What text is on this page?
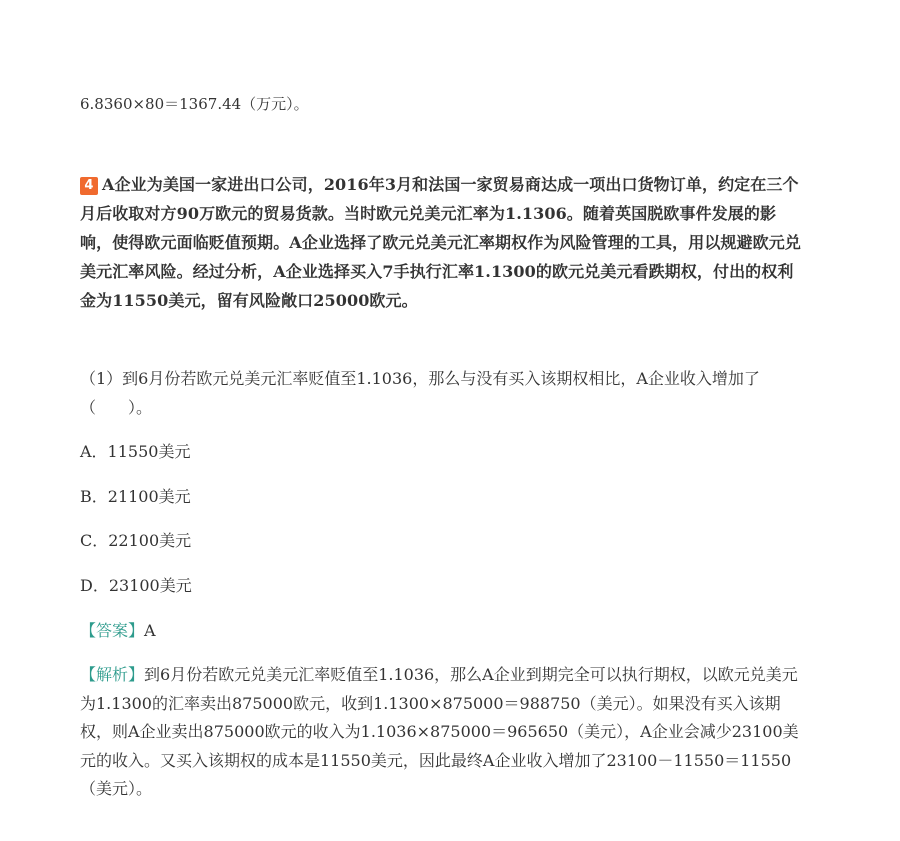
6.8360×80＝1367.44（万元）。
4 A企业为美国一家进出口公司，2016年3月和法国一家贸易商达成一项出口货物订单，约定在三个月后收取对方90万欧元的贸易货款。当时欧元兑美元汇率为1.1306。随着英国脱欧事件发展的影响，使得欧元面临贬值预期。A企业选择了欧元兑美元汇率期权作为风险管理的工具，用以规避欧元兑美元汇率风险。经过分析，A企业选择买入7手执行汇率1.1300的欧元兑美元看跌期权，付出的权利金为11550美元，留有风险敞口25000欧元。
（1）到6月份若欧元兑美元汇率贬值至1.1036，那么与没有买入该期权相比，A企业收入增加了（　　）。
A．11550美元
B．21100美元
C．22100美元
D．23100美元
【答案】A
【解析】到6月份若欧元兑美元汇率贬值至1.1036，那么A企业到期完全可以执行期权，以欧元兑美元为1.1300的汇率卖出875000欧元，收到1.1300×875000＝988750（美元）。如果没有买入该期权，则A企业卖出875000欧元的收入为1.1036×875000＝965650（美元），A企业会减少23100美元的收入。又买入该期权的成本是11550美元，因此最终A企业收入增加了23100－11550＝11550（美元）。
